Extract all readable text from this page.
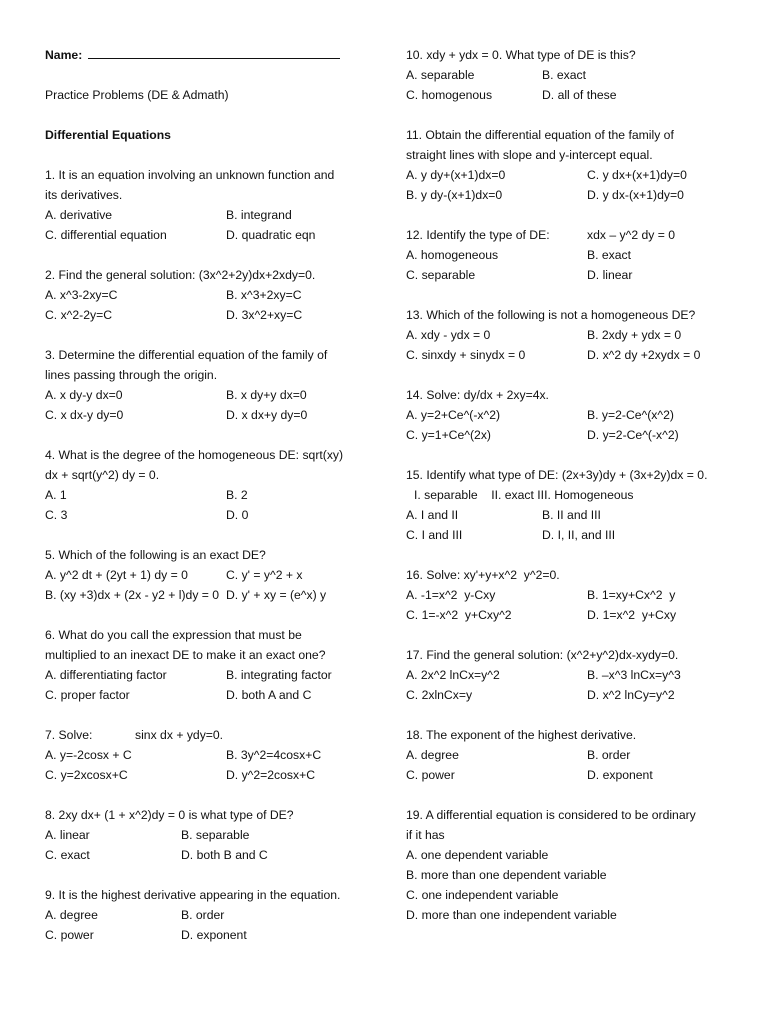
Name:
Practice Problems (DE & Admath)
Differential Equations
1. It is an equation involving an unknown function and
its derivatives.
A. derivative	B. integrand
C. differential equation	D. quadratic eqn
2. Find the general solution: (3x^2+2y)dx+2xdy=0.
A. x^3-2xy=C	B. x^3+2xy=C
C. x^2-2y=C	D. 3x^2+xy=C
3. Determine the differential equation of the family of
lines passing through the origin.
A. x dy-y dx=0	B. x dy+y dx=0
C. x dx-y dy=0	D. x dx+y dy=0
4. What is the degree of the homogeneous DE: sqrt(xy)
dx + sqrt(y^2) dy = 0.
A. 1	B. 2
C. 3	D. 0
5. Which of the following is an exact DE?
A. y^2 dt + (2yt + 1) dy = 0	C. y' = y^2 + x
B. (xy +3)dx + (2x - y2 + l)dy = 0 D. y' + xy = (e^x) y
6. What do you call the expression that must be
multiplied to an inexact DE to make it an exact one?
A. differentiating factor	B. integrating factor
C. proper factor	D. both A and C
7. Solve:	sinx dx + ydy=0.
A. y=-2cosx + C	B. 3y^2=4cosx+C
C. y=2xcosx+C	D. y^2=2cosx+C
8. 2xy dx+ (1 + x^2)dy = 0 is what type of DE?
A. linear	B. separable
C. exact	D. both B and C
9. It is the highest derivative appearing in the equation.
A. degree	B. order
C. power	D. exponent
10. xdy + ydx = 0. What type of DE is this?
A. separable	B. exact
C. homogenous	D. all of these
11. Obtain the differential equation of the family of
straight lines with slope and y-intercept equal.
A. y dy+(x+1)dx=0	C. y dx+(x+1)dy=0
B. y dy-(x+1)dx=0	D. y dx-(x+1)dy=0
12. Identify the type of DE:	xdx – y^2 dy = 0
A. homogeneous	B. exact
C. separable	D. linear
13. Which of the following is not a homogeneous DE?
A. xdy - ydx = 0	B. 2xdy + ydx = 0
C. sinxdy + sinydx = 0	D. x^2 dy +2xydx = 0
14. Solve: dy/dx + 2xy=4x.
A. y=2+Ce^(-x^2)	B. y=2-Ce^(x^2)
C. y=1+Ce^(2x)	D. y=2-Ce^(-x^2)
15. Identify what type of DE: (2x+3y)dy + (3x+2y)dx = 0.
I. separable    II. exact III. Homogeneous
A. I and II	B. II and III
C. I and III	D. I, II, and III
16. Solve: xy'+y+x^2  y^2=0.
A. -1=x^2  y-Cxy	B. 1=xy+Cx^2  y
C. 1=-x^2  y+Cxy^2	D. 1=x^2  y+Cxy
17. Find the general solution: (x^2+y^2)dx-xydy=0.
A. 2x^2 lnCx=y^2	B. –x^3 lnCx=y^3
C. 2xlnCx=y	D. x^2 lnCy=y^2
18. The exponent of the highest derivative.
A. degree	B. order
C. power	D. exponent
19. A differential equation is considered to be ordinary
if it has
A. one dependent variable
B. more than one dependent variable
C. one independent variable
D. more than one independent variable
